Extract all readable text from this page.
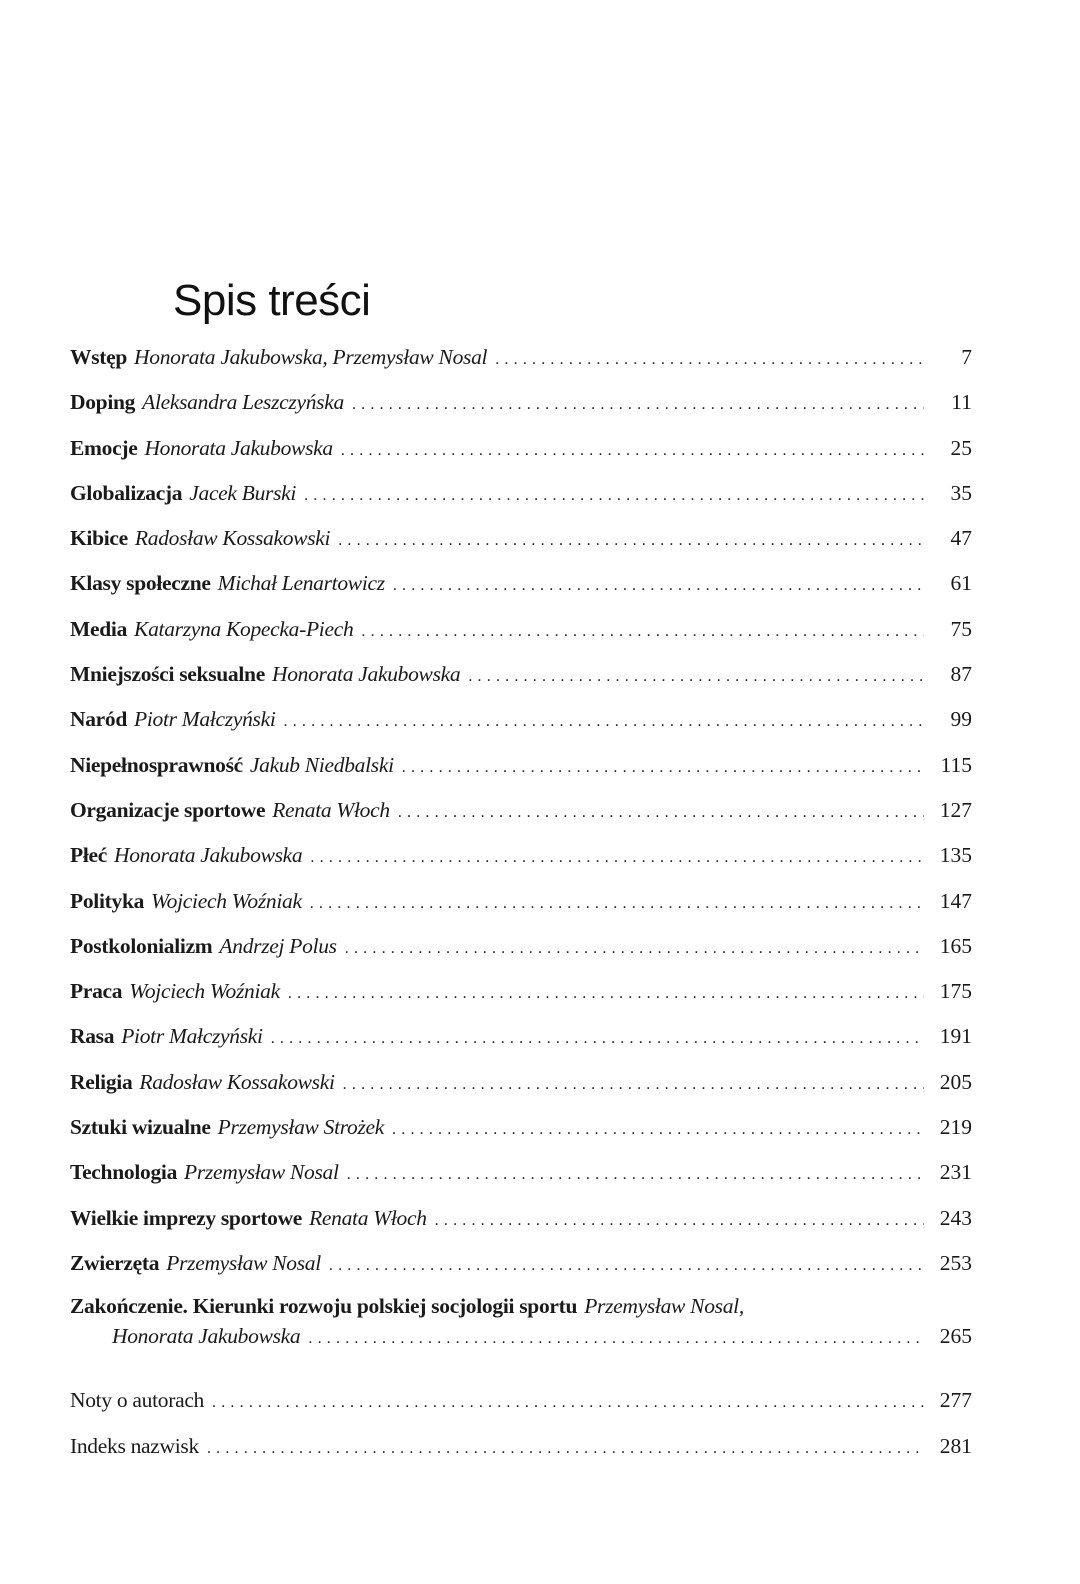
Spis treści
Wstęp Honorata Jakubowska, Przemysław Nosal .....	7
Doping Aleksandra Leszczyńska .....	11
Emocje Honorata Jakubowska .....	25
Globalizacja Jacek Burski .....	35
Kibice Radosław Kossakowski .....	47
Klasy społeczne Michał Lenartowicz .....	61
Media Katarzyna Kopecka-Piech .....	75
Mniejszości seksualne Honorata Jakubowska .....	87
Naród Piotr Małczyński .....	99
Niepełnosprawność Jakub Niedbalski .....	115
Organizacje sportowe Renata Włoch .....	127
Płeć Honorata Jakubowska .....	135
Polityka Wojciech Woźniak .....	147
Postkolonializm Andrzej Polus .....	165
Praca Wojciech Woźniak .....	175
Rasa Piotr Małczyński .....	191
Religia Radosław Kossakowski .....	205
Sztuki wizualne Przemysław Strożek .....	219
Technologia Przemysław Nosal .....	231
Wielkie imprezy sportowe Renata Włoch .....	243
Zwierzęta Przemysław Nosal .....	253
Zakończenie. Kierunki rozwoju polskiej socjologii sportu Przemysław Nosal,
Honorata Jakubowska .....	265
Noty o autorach .....	277
Indeks nazwisk .....	281
